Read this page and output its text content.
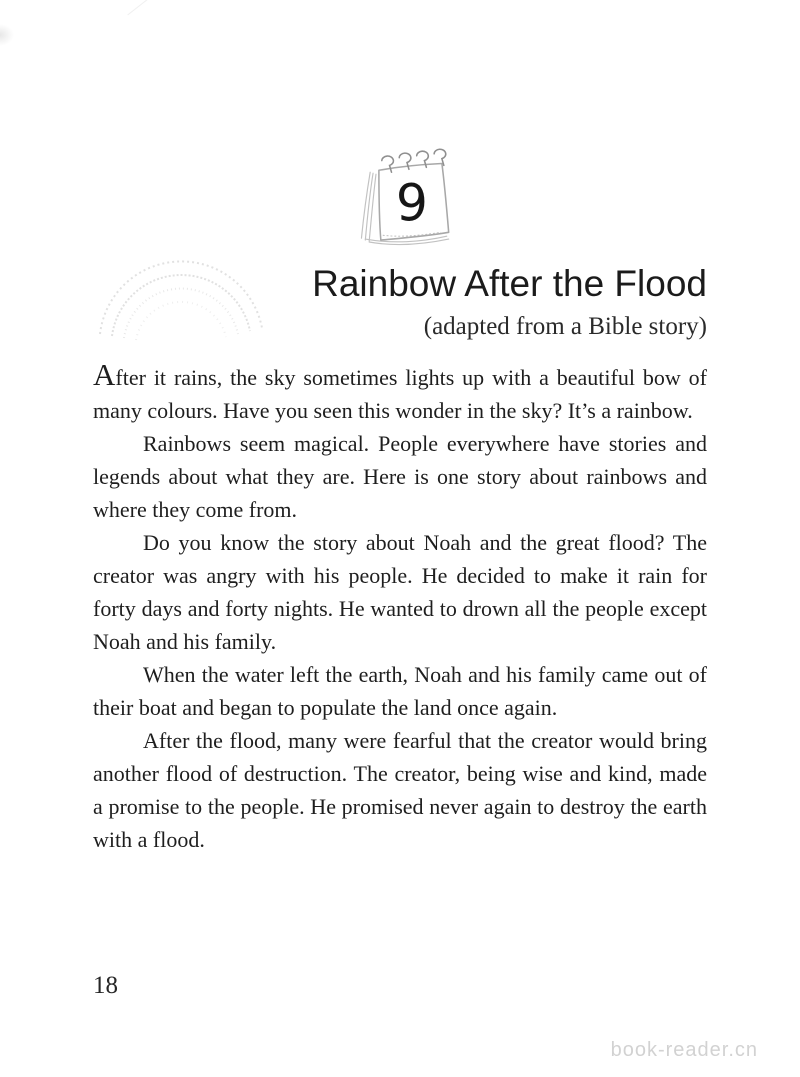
9
Rainbow After the Flood
(adapted from a Bible story)

After it rains, the sky sometimes lights up with a beautiful bow of many colours. Have you seen this wonder in the sky? It’s a rainbow.

Rainbows seem magical. People everywhere have stories and legends about what they are. Here is one story about rainbows and where they come from.

Do you know the story about Noah and the great flood? The creator was angry with his people. He decided to make it rain for forty days and forty nights. He wanted to drown all the people except Noah and his family.

When the water left the earth, Noah and his family came out of their boat and began to populate the land once again.

After the flood, many were fearful that the creator would bring another flood of destruction. The creator, being wise and kind, made a promise to the people. He promised never again to destroy the earth with a flood.

18
book-reader.cn
